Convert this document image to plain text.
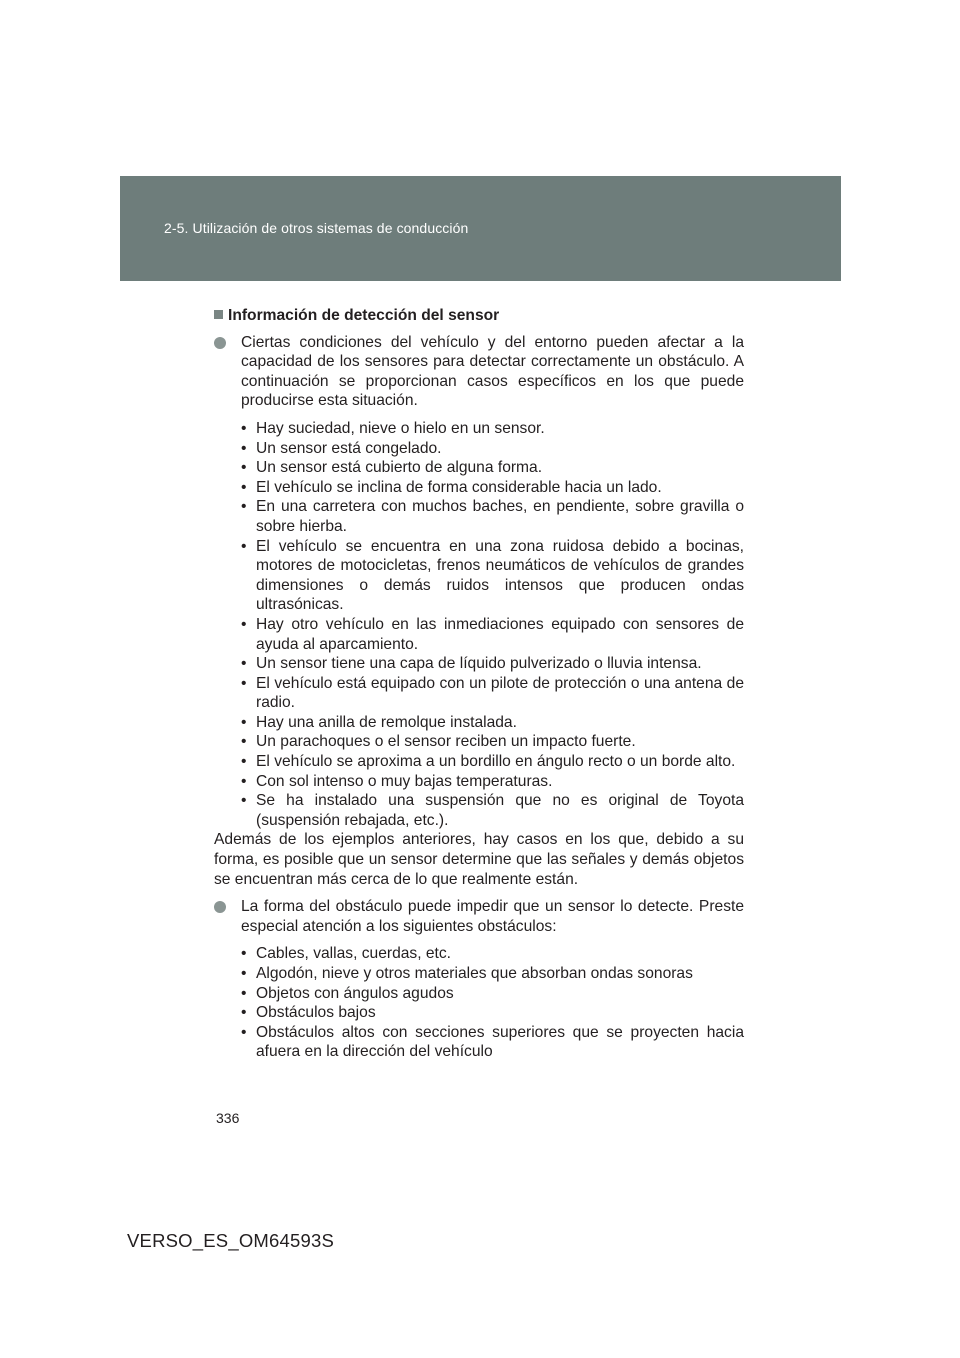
2-5. Utilización de otros sistemas de conducción
Información de detección del sensor
Ciertas condiciones del vehículo y del entorno pueden afectar a la capacidad de los sensores para detectar correctamente un obstáculo. A continuación se proporcionan casos específicos en los que puede producirse esta situación.
• Hay suciedad, nieve o hielo en un sensor.
• Un sensor está congelado.
• Un sensor está cubierto de alguna forma.
• El vehículo se inclina de forma considerable hacia un lado.
• En una carretera con muchos baches, en pendiente, sobre gravilla o sobre hierba.
• El vehículo se encuentra en una zona ruidosa debido a bocinas, motores de motocicletas, frenos neumáticos de vehículos de grandes dimensiones o demás ruidos intensos que producen ondas ultrasónicas.
• Hay otro vehículo en las inmediaciones equipado con sensores de ayuda al aparcamiento.
• Un sensor tiene una capa de líquido pulverizado o lluvia intensa.
• El vehículo está equipado con un pilote de protección o una antena de radio.
• Hay una anilla de remolque instalada.
• Un parachoques o el sensor reciben un impacto fuerte.
• El vehículo se aproxima a un bordillo en ángulo recto o un borde alto.
• Con sol intenso o muy bajas temperaturas.
• Se ha instalado una suspensión que no es original de Toyota (suspensión rebajada, etc.).
Además de los ejemplos anteriores, hay casos en los que, debido a su forma, es posible que un sensor determine que las señales y demás objetos se encuentran más cerca de lo que realmente están.
La forma del obstáculo puede impedir que un sensor lo detecte. Preste especial atención a los siguientes obstáculos:
• Cables, vallas, cuerdas, etc.
• Algodón, nieve y otros materiales que absorban ondas sonoras
• Objetos con ángulos agudos
• Obstáculos bajos
• Obstáculos altos con secciones superiores que se proyecten hacia afuera en la dirección del vehículo
336
VERSO_ES_OM64593S
